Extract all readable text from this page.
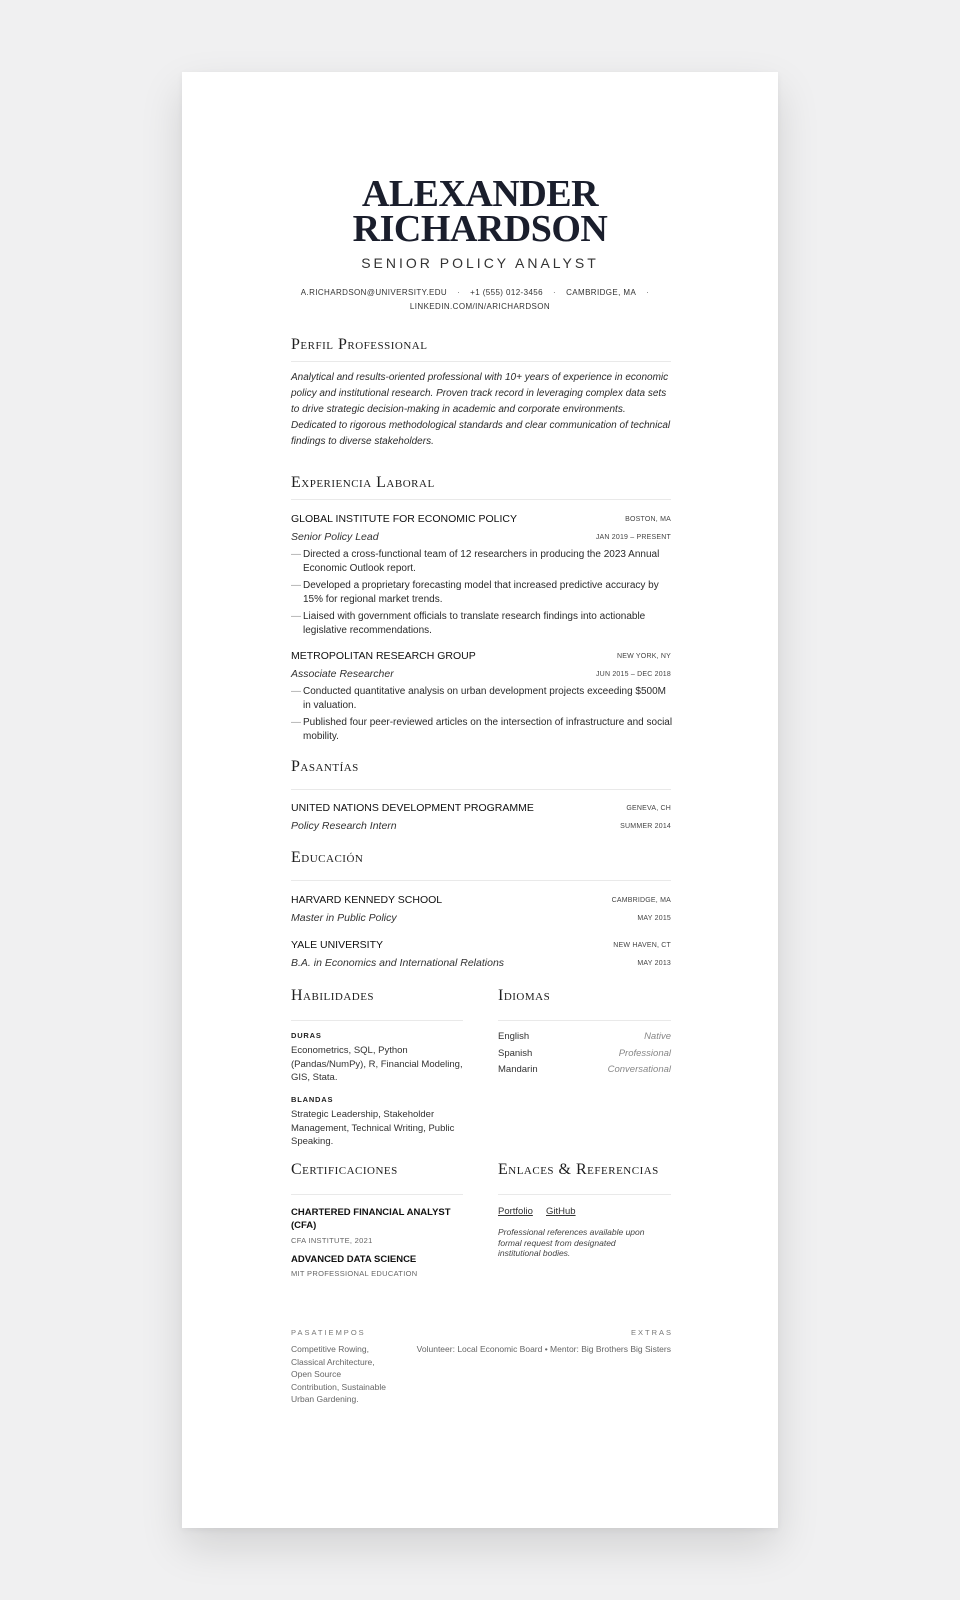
ALEXANDER
RICHARDSON
SENIOR POLICY ANALYST
A.RICHARDSON@UNIVERSITY.EDU · +1 (555) 012-3456 · CAMBRIDGE, MA ·
LINKEDIN.COM/IN/ARICHARDSON
Perfil Professional
Analytical and results-oriented professional with 10+ years of experience in economic policy and institutional research. Proven track record in leveraging complex data sets to drive strategic decision-making in academic and corporate environments. Dedicated to rigorous methodological standards and clear communication of technical findings to diverse stakeholders.
Experiencia Laboral
GLOBAL INSTITUTE FOR ECONOMIC POLICY	BOSTON, MA
Senior Policy Lead	JAN 2019 – PRESENT
— Directed a cross-functional team of 12 researchers in producing the 2023 Annual Economic Outlook report.
— Developed a proprietary forecasting model that increased predictive accuracy by 15% for regional market trends.
— Liaised with government officials to translate research findings into actionable legislative recommendations.
METROPOLITAN RESEARCH GROUP	NEW YORK, NY
Associate Researcher	JUN 2015 – DEC 2018
— Conducted quantitative analysis on urban development projects exceeding $500M in valuation.
— Published four peer-reviewed articles on the intersection of infrastructure and social mobility.
Pasantías
UNITED NATIONS DEVELOPMENT PROGRAMME	GENEVA, CH
Policy Research Intern	SUMMER 2014
Educación
HARVARD KENNEDY SCHOOL	CAMBRIDGE, MA
Master in Public Policy	MAY 2015
YALE UNIVERSITY	NEW HAVEN, CT
B.A. in Economics and International Relations	MAY 2013
Habilidades
DURAS
Econometrics, SQL, Python (Pandas/NumPy), R, Financial Modeling, GIS, Stata.
BLANDAS
Strategic Leadership, Stakeholder Management, Technical Writing, Public Speaking.
Idiomas
English	Native
Spanish	Professional
Mandarin	Conversational
Certificaciones
CHARTERED FINANCIAL ANALYST (CFA)
CFA INSTITUTE, 2021
ADVANCED DATA SCIENCE
MIT PROFESSIONAL EDUCATION
Enlaces & Referencias
Portfolio GitHub
Professional references available upon formal request from designated institutional bodies.
PASATIEMPOS
Competitive Rowing, Classical Architecture, Open Source Contribution, Sustainable Urban Gardening.
EXTRAS
Volunteer: Local Economic Board • Mentor: Big Brothers Big Sisters
